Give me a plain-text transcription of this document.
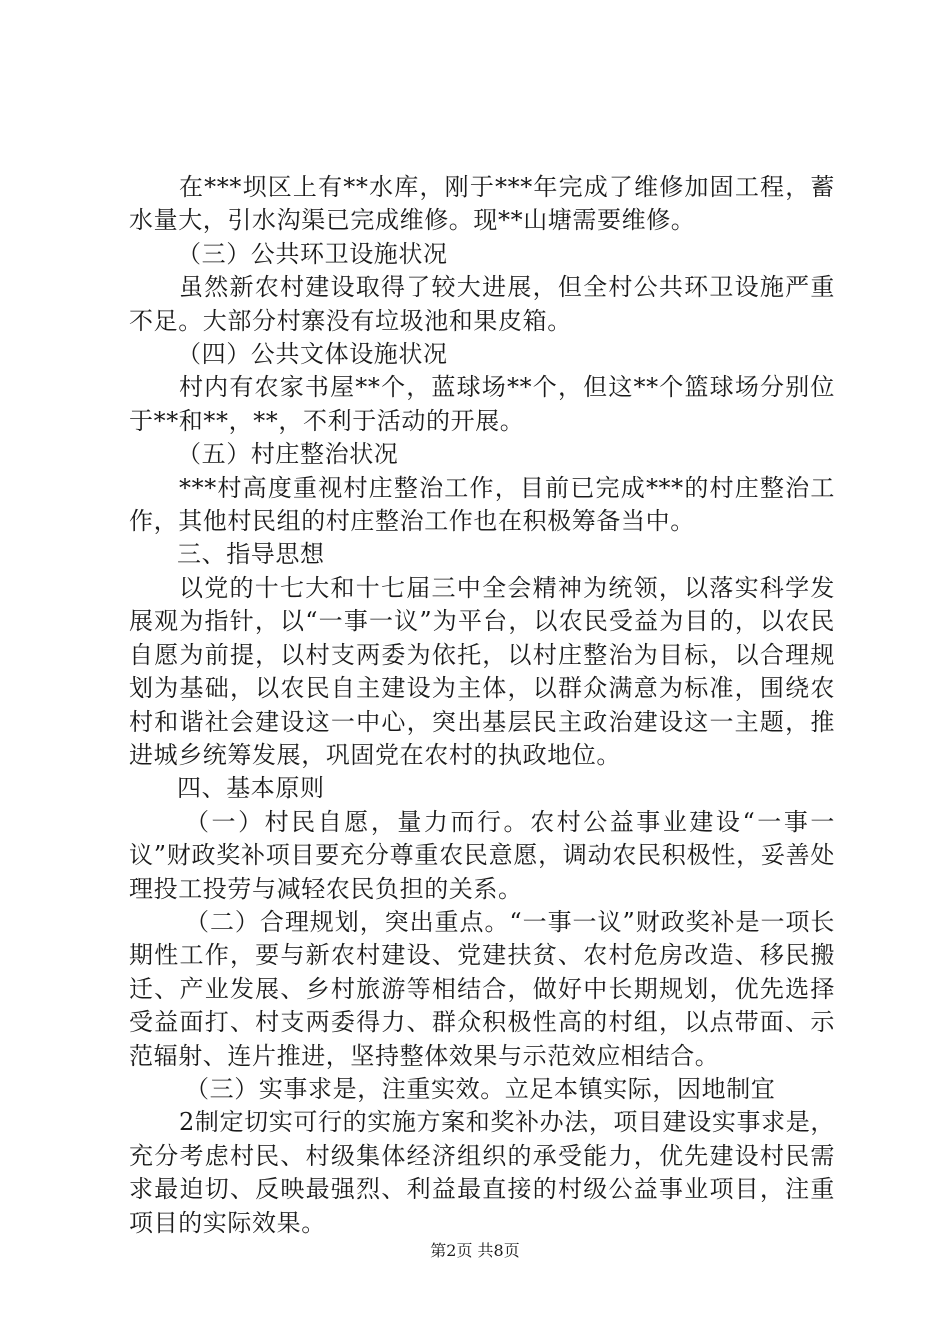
在***坝区上有**水库，刚于***年完成了维修加固工程，蓄水量大，引水沟渠已完成维修。现**山塘需要维修。

（三）公共环卫设施状况

虽然新农村建设取得了较大进展，但全村公共环卫设施严重不足。大部分村寨没有垃圾池和果皮箱。

（四）公共文体设施状况

村内有农家书屋**个，蓝球场**个，但这**个篮球场分别位于**和**，**，不利于活动的开展。

（五）村庄整治状况

***村高度重视村庄整治工作，目前已完成***的村庄整治工作，其他村民组的村庄整治工作也在积极筹备当中。

三、指导思想

以党的十七大和十七届三中全会精神为统领，以落实科学发展观为指针，以“一事一议”为平台，以农民受益为目的，以农民自愿为前提，以村支两委为依托，以村庄整治为目标，以合理规划为基础，以农民自主建设为主体，以群众满意为标准，围绕农村和谐社会建设这一中心，突出基层民主政治建设这一主题，推进城乡统筹发展，巩固党在农村的执政地位。

四、基本原则

（一）村民自愿，量力而行。农村公益事业建设“一事一议”财政奖补项目要充分尊重农民意愿，调动农民积极性，妥善处理投工投劳与减轻农民负担的关系。

（二）合理规划，突出重点。“一事一议”财政奖补是一项长期性工作，要与新农村建设、党建扶贫、农村危房改造、移民搬迁、产业发展、乡村旅游等相结合，做好中长期规划，优先选择受益面打、村支两委得力、群众积极性高的村组，以点带面、示范辐射、连片推进，坚持整体效果与示范效应相结合。

（三）实事求是，注重实效。立足本镇实际，因地制宜

2制定切实可行的实施方案和奖补办法，项目建设实事求是，充分考虑村民、村级集体经济组织的承受能力，优先建设村民需求最迫切、反映最强烈、利益最直接的村级公益事业项目，注重项目的实际效果。

第2页 共8页
